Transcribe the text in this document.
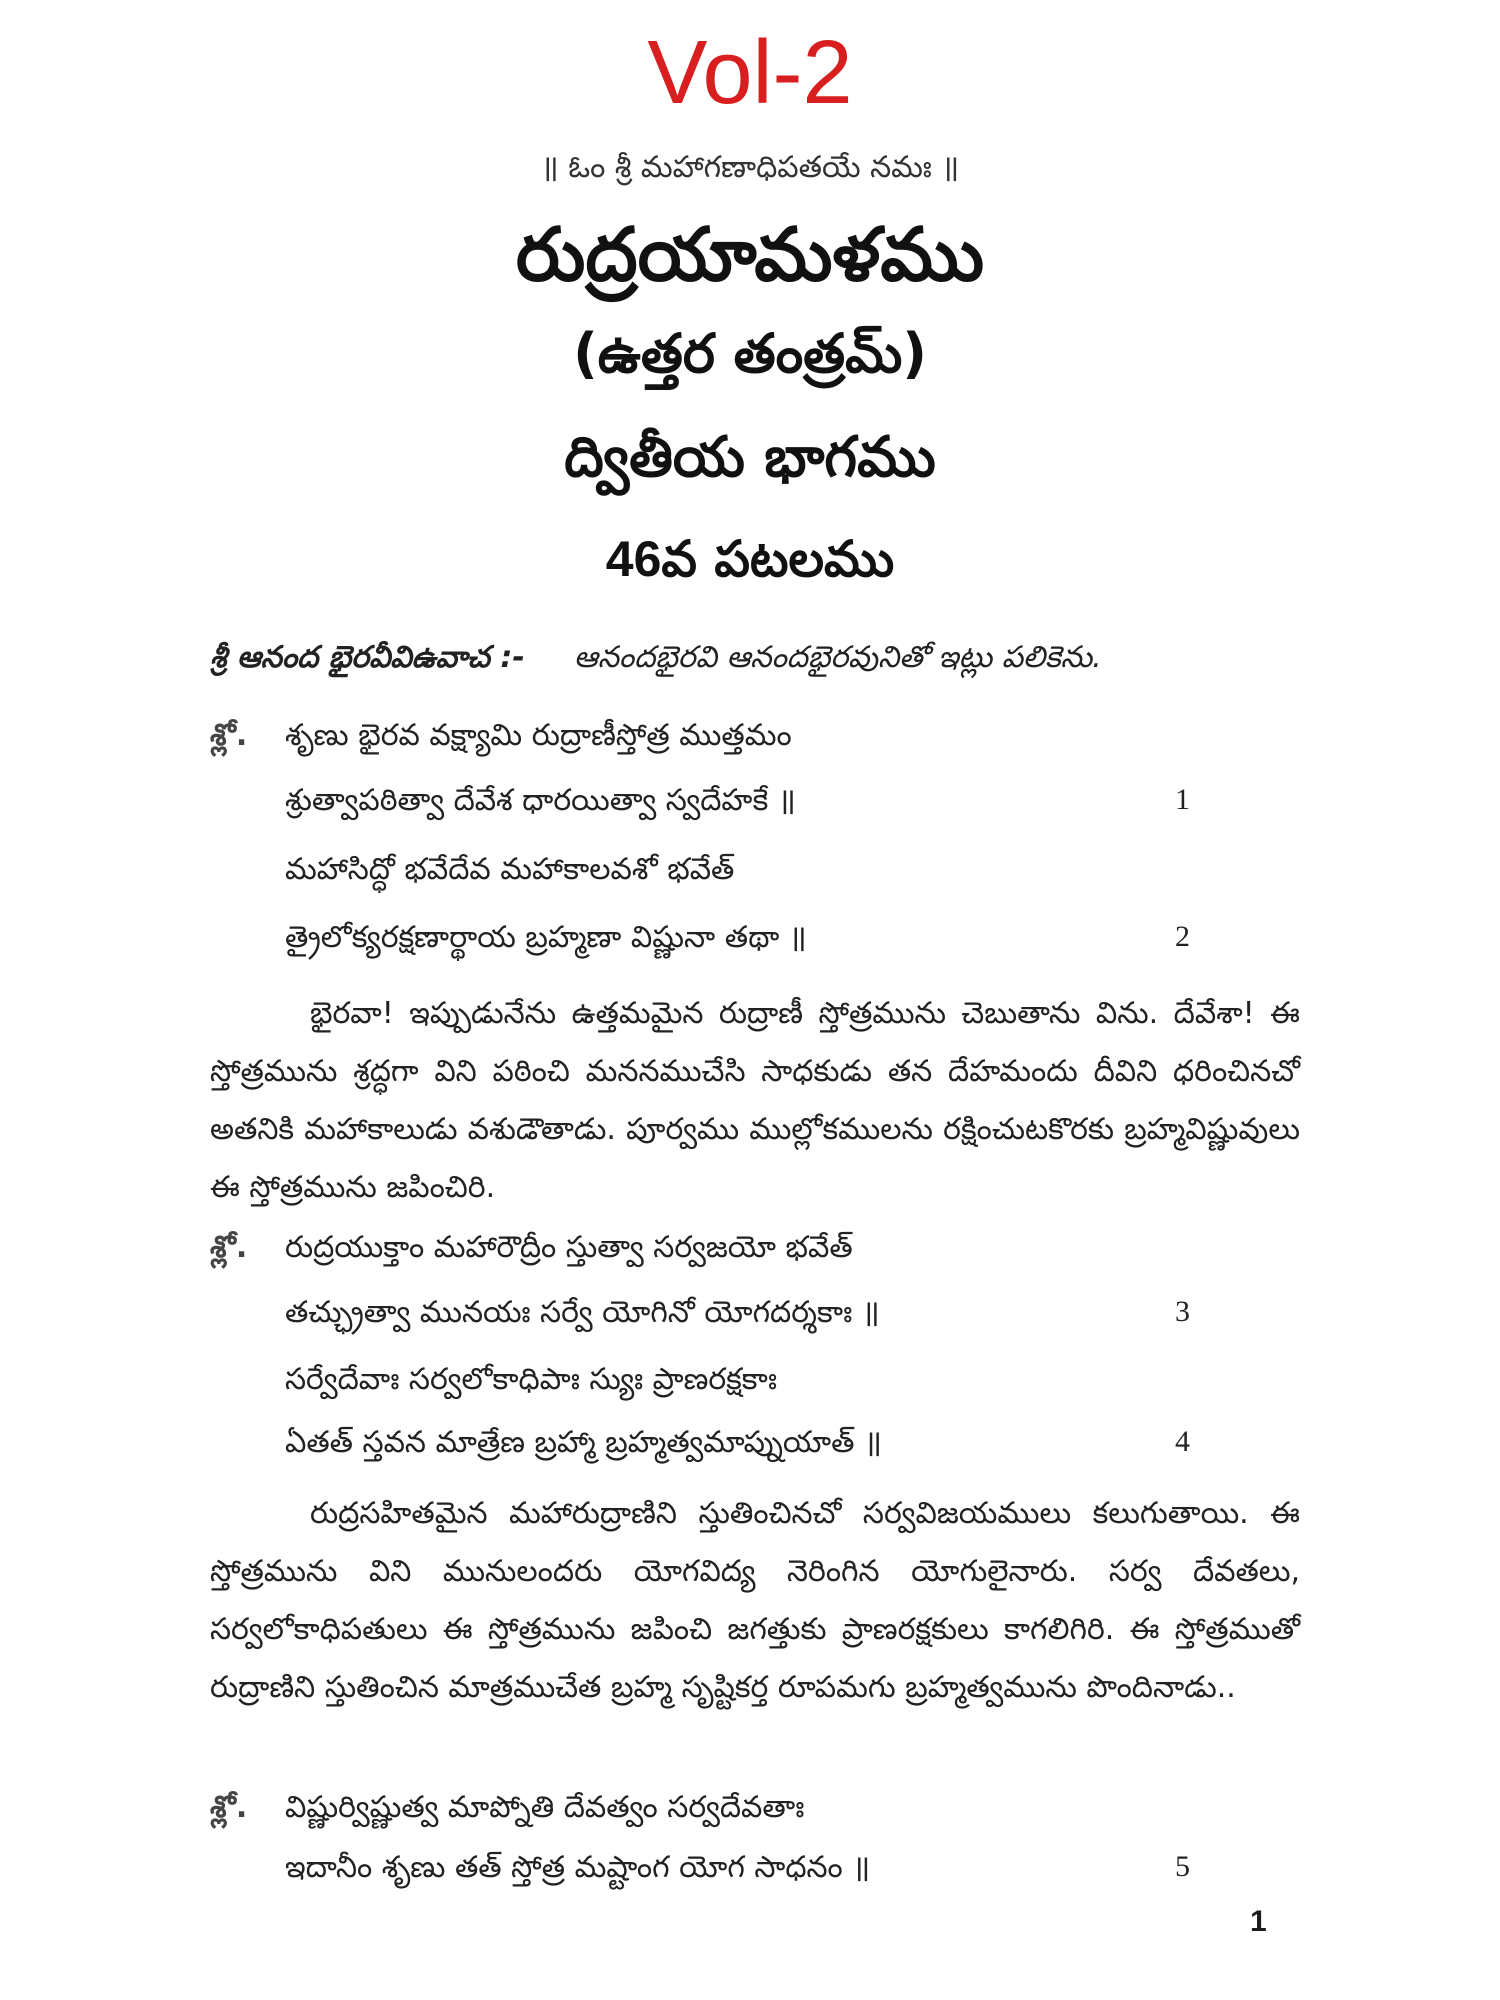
Vol-2
॥ ఓం శ్రీ మహాగణాధిపతయే నమః ॥
రుద్రయామళము
(ఉత్తర తంత్రమ్)
ద్వితీయ భాగము
46వ పటలము
శ్రీ ఆనంద భైరవీవిఉవాచ :- ఆనందభైరవి ఆనందభైరవునితో ఇట్లు పలికెను.
శ్లో. శృణు భైరవ వక్ష్యామి రుద్రాణీస్తోత్ర ముత్తమం
శ్రుత్వాపఠిత్వా దేవేశ ధారయిత్వా స్వదేహకే ॥	1
మహాసిద్ధో భవేదేవ మహాకాలవశో భవేత్
త్రైలోక్యరక్షణార్థాయ బ్రహ్మణా విష్ణునా తథా ॥	2

భైరవా! ఇప్పుడునేను ఉత్తమమైన రుద్రాణీ స్తోత్రమును చెబుతాను విను. దేవేశా! ఈ స్తోత్రమును శ్రద్ధగా విని పఠించి మననముచేసి సాధకుడు తన దేహమందు దీవిని ధరించినచో అతనికి మహాకాలుడు వశుడౌతాడు. పూర్వము ముల్లోకములను రక్షించుటకొరకు బ్రహ్మవిష్ణువులు ఈ స్తోత్రమును జపించిరి.

శ్లో. రుద్రయుక్తాం మహారౌద్రీం స్తుత్వా సర్వజయో భవేత్
తచ్ఛ్రుత్వా మునయః సర్వే యోగినో యోగదర్శకాః ॥	3
సర్వేదేవాః సర్వలోకాధిపాః స్యుః ప్రాణరక్షకాః
ఏతత్ స్తవన మాత్రేణ బ్రహ్మా బ్రహ్మత్వమాప్నుయాత్ ॥	4

రుద్రసహితమైన మహారుద్రాణిని స్తుతించినచో సర్వవిజయములు కలుగుతాయి. ఈ స్తోత్రమును విని మునులందరు యోగవిద్య నెరింగిన యోగులైనారు. సర్వ దేవతలు, సర్వలోకాధిపతులు ఈ స్తోత్రమును జపించి జగత్తుకు ప్రాణరక్షకులు కాగలిగిరి. ఈ స్తోత్రముతో రుద్రాణిని స్తుతించిన మాత్రముచేత బ్రహ్మ సృష్టికర్త రూపమగు బ్రహ్మత్వమును పొందినాడు..

శ్లో. విష్ణుర్విష్ణుత్వ మాప్నోతి దేవత్వం సర్వదేవతాః
ఇదానీం శృణు తత్ స్తోత్ర మష్టాంగ యోగ సాధనం ॥	5
1
